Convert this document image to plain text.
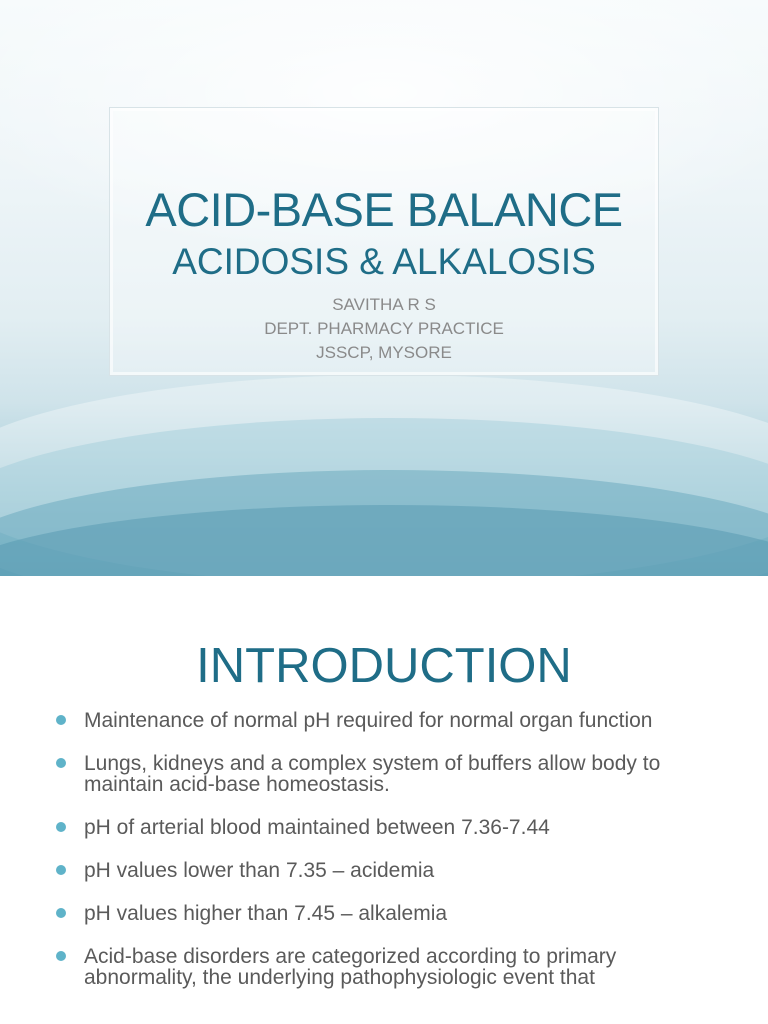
ACID-BASE BALANCE
ACIDOSIS & ALKALOSIS
SAVITHA R S
DEPT. PHARMACY PRACTICE
JSSCP, MYSORE
INTRODUCTION
Maintenance of normal pH required for normal organ function
Lungs, kidneys and a complex system of buffers allow body to maintain acid-base homeostasis.
pH of arterial blood maintained between 7.36-7.44
pH values lower than 7.35 – acidemia
pH values higher than 7.45 – alkalemia
Acid-base disorders are categorized according to primary abnormality, the underlying pathophysiologic event that
